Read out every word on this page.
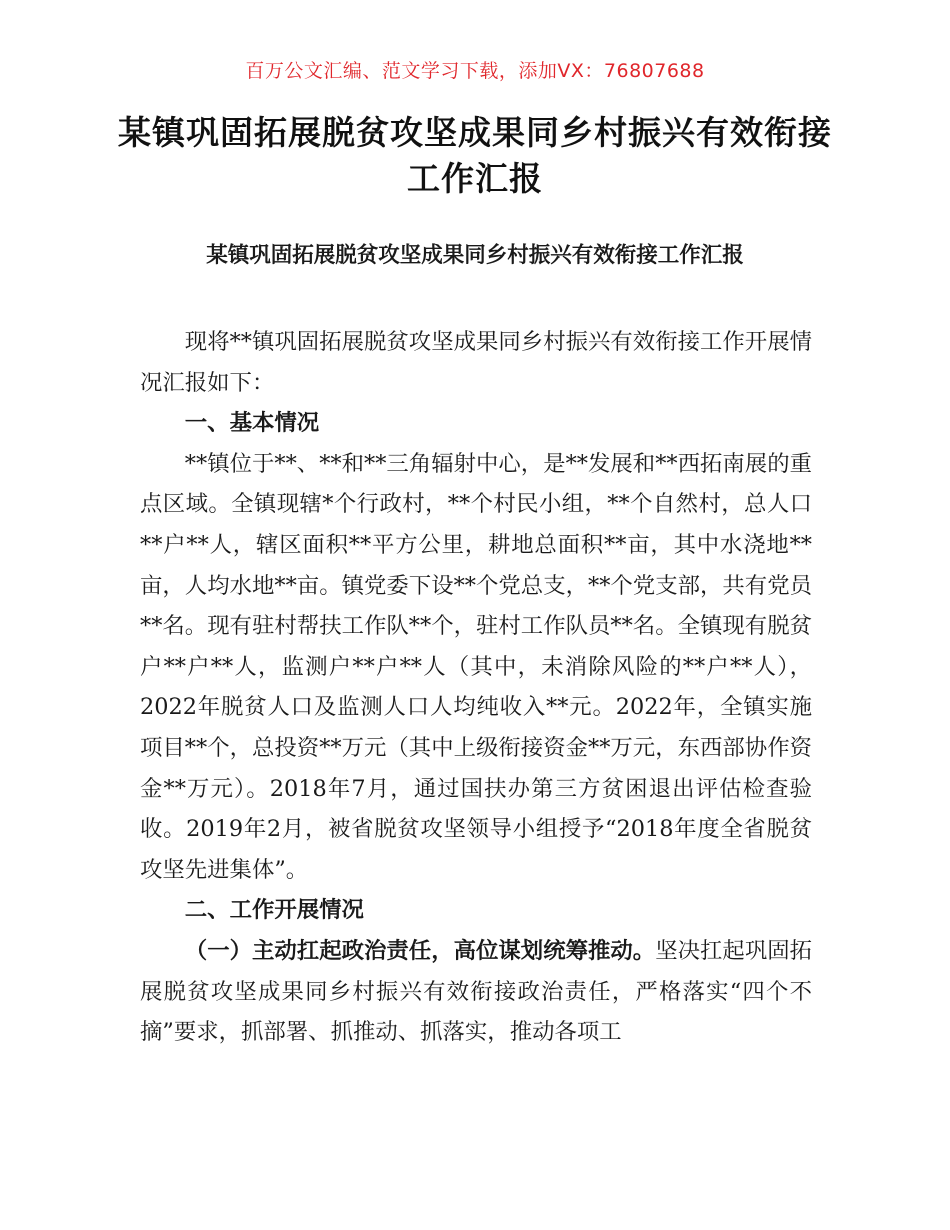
百万公文汇编、范文学习下载，添加VX：76807688
某镇巩固拓展脱贫攻坚成果同乡村振兴有效衔接工作汇报
某镇巩固拓展脱贫攻坚成果同乡村振兴有效衔接工作汇报

现将**镇巩固拓展脱贫攻坚成果同乡村振兴有效衔接工作开展情况汇报如下：

一、基本情况

**镇位于**、**和**三角辐射中心，是**发展和**西拓南展的重点区域。全镇现辖*个行政村，**个村民小组，**个自然村，总人口**户**人，辖区面积**平方公里，耕地总面积**亩，其中水浇地**亩，人均水地**亩。镇党委下设**个党总支，**个党支部，共有党员**名。现有驻村帮扶工作队**个，驻村工作队员**名。全镇现有脱贫户**户**人，监测户**户**人（其中，未消除风险的**户**人），2022年脱贫人口及监测人口人均纯收入**元。2022年，全镇实施项目**个，总投资**万元（其中上级衔接资金**万元，东西部协作资金**万元）。2018年7月，通过国扶办第三方贫困退出评估检查验收。2019年2月，被省脱贫攻坚领导小组授予“2018年度全省脱贫攻坚先进集体”。

二、工作开展情况

（一）主动扛起政治责任，高位谋划统筹推动。坚决扛起巩固拓展脱贫攻坚成果同乡村振兴有效衔接政治责任，严格落实“四个不摘”要求，抓部署、抓推动、抓落实，推动各项工
